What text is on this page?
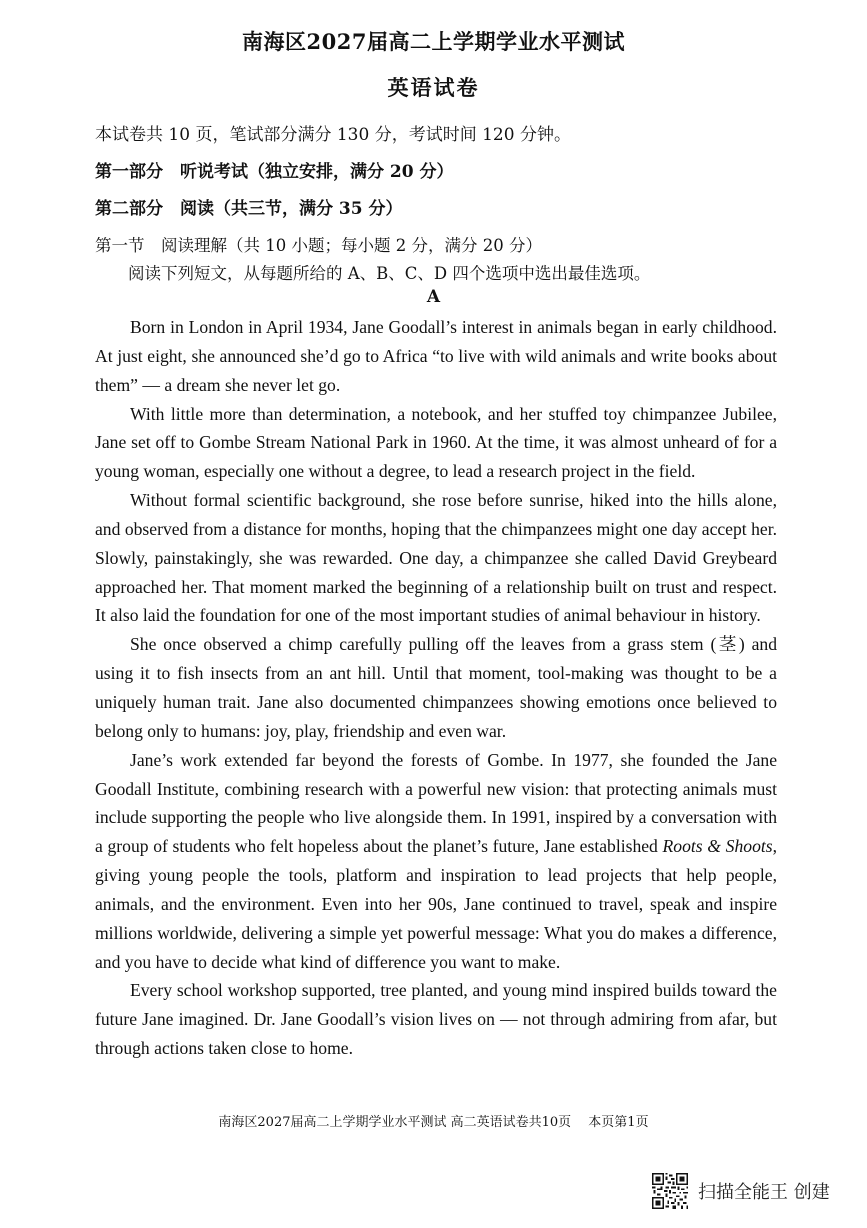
南海区2027届高二上学期学业水平测试
英语试卷
本试卷共 10 页，笔试部分满分 130 分，考试时间 120 分钟。
第一部分　听说考试（独立安排，满分 20 分）
第二部分　阅读（共三节，满分 35 分）
第一节　阅读理解（共 10 小题；每小题 2 分，满分 20 分）
阅读下列短文，从每题所给的 A、B、C、D 四个选项中选出最佳选项。
A

Born in London in April 1934, Jane Goodall’s interest in animals began in early childhood. At just eight, she announced she’d go to Africa “to live with wild animals and write books about them” — a dream she never let go.

With little more than determination, a notebook, and her stuffed toy chimpanzee Jubilee, Jane set off to Gombe Stream National Park in 1960. At the time, it was almost unheard of for a young woman, especially one without a degree, to lead a research project in the field.

Without formal scientific background, she rose before sunrise, hiked into the hills alone, and observed from a distance for months, hoping that the chimpanzees might one day accept her. Slowly, painstakingly, she was rewarded. One day, a chimpanzee she called David Greybeard approached her. That moment marked the beginning of a relationship built on trust and respect. It also laid the foundation for one of the most important studies of animal behaviour in history.

She once observed a chimp carefully pulling off the leaves from a grass stem (茎) and using it to fish insects from an ant hill. Until that moment, tool-making was thought to be a uniquely human trait. Jane also documented chimpanzees showing emotions once believed to belong only to humans: joy, play, friendship and even war.

Jane’s work extended far beyond the forests of Gombe. In 1977, she founded the Jane Goodall Institute, combining research with a powerful new vision: that protecting animals must include supporting the people who live alongside them. In 1991, inspired by a conversation with a group of students who felt hopeless about the planet’s future, Jane established Roots & Shoots, giving young people the tools, platform and inspiration to lead projects that help people, animals, and the environment. Even into her 90s, Jane continued to travel, speak and inspire millions worldwide, delivering a simple yet powerful message: What you do makes a difference, and you have to decide what kind of difference you want to make.

Every school workshop supported, tree planted, and young mind inspired builds toward the future Jane imagined. Dr. Jane Goodall’s vision lives on — not through admiring from afar, but through actions taken close to home.

南海区2027届高二上学期学业水平测试 高二英语试卷共10页　 本页第1页
扫描全能王 创建
